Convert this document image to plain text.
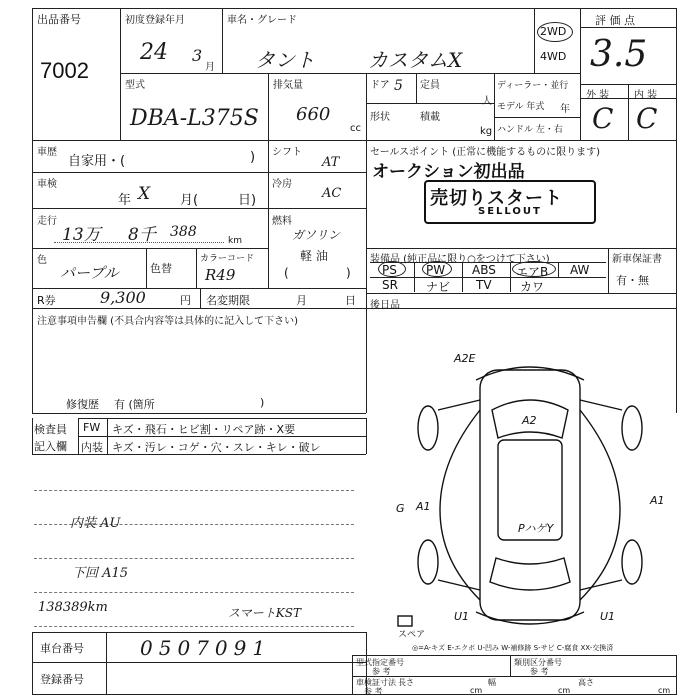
出品番号
7002
初度登録年月
24 3
月
車名・グレード
タント	カスタムX
2WD
4WD
評 価 点
3.5
型式
DBA-L375S
排気量
660
cc
ドア 5 定員
人
形状	積載
kg
ディーラー・並行
モデル 年式 年
ハンドル 左・右
外 装 内 装
C C
車歴
自家用・(	) シフト
AT
車検
年 X 月(	日)
冷房
AC
走行
13万 8千 388
km
燃料
ガソリン
軽 油
(	)
色
パープル	色替
カラーコード
R49
R券	9,300	円 名変期限	月	日
注意事項申告欄 (不具合内容等は具体的に記入して下さい)
修復歴 有 (箇所	)
検査員
記入欄
FW キズ・飛石・ヒビ割・リペア跡・X要
内装 キズ・汚レ・コゲ・穴・スレ・キレ・破レ
内装 AU
下回 A15
138389km	スマートKST
車台番号	0507091
登録番号
セールスポイント (正常に機能するものに限ります)
オークション初出品
売切りスタート
SELLOUT
装備品 (純正品に限り○をつけて下さい)	新車保証書
有・無
PS PW ABS エアB AW
SR ナビ TV カワ
後日品
A2E
A2
A1
G A1
PハゲY
U1	U1
スペア
◎=A-キズ E-エクボ U-凹み W-補修跡 S-サビ C-腐食 XX-交換済
型式指定番号
参 考
類別区分番号
参 考
車検証寸法
参 考
長さ
cm
幅
cm
高さ
cm
